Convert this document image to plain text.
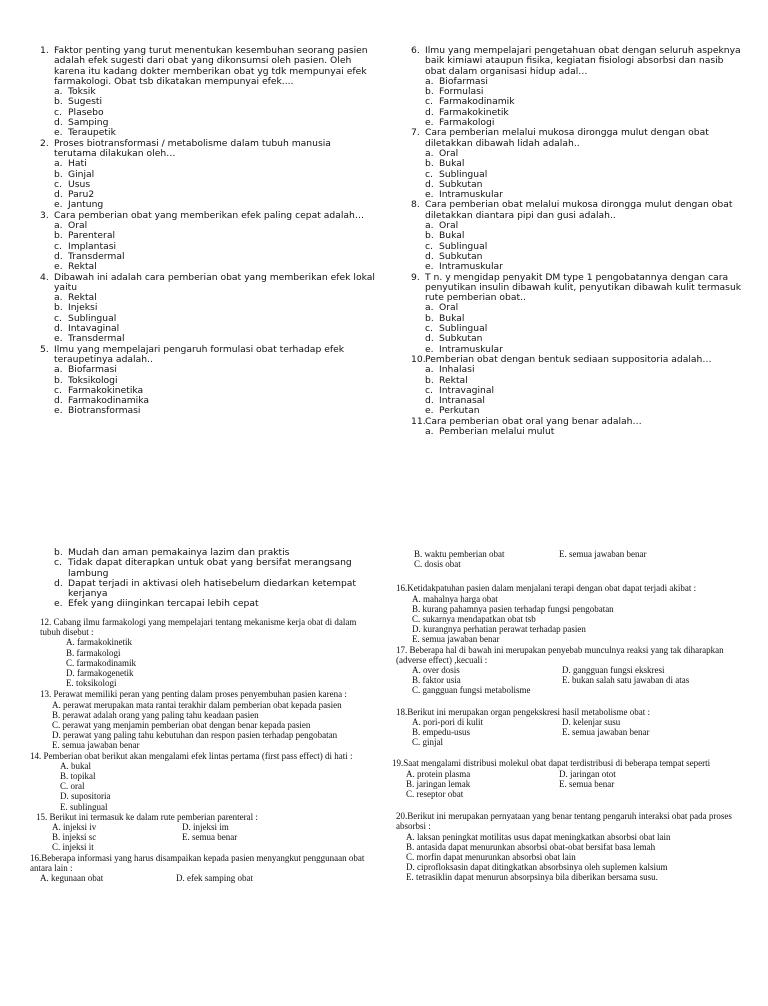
1. Faktor penting yang turut menentukan kesembuhan seorang pasien adalah efek sugesti dari obat yang dikonsumsi oleh pasien. Oleh karena itu kadang dokter memberikan obat yg tdk mempunyai efek farmakologi. Obat tsb dikatakan mempunyai efek....
a. Toksik
b. Sugesti
c. Plasebo
d. Samping
e. Teraupetik
2. Proses biotransformasi / metabolisme dalam tubuh manusia terutama dilakukan oleh…
a. Hati
b. Ginjal
c. Usus
d. Paru2
e. Jantung
3. Cara pemberian obat yang memberikan efek paling cepat adalah…
a. Oral
b. Parenteral
c. Implantasi
d. Transdermal
e. Rektal
4. Dibawah ini adalah cara pemberian obat yang memberikan efek lokal yaitu
a. Rektal
b. Injeksi
c. Sublingual
d. Intavaginal
e. Transdermal
5. Ilmu yang mempelajari pengaruh formulasi obat terhadap efek teraupetinya adalah..
a. Biofarmasi
b. Toksikologi
c. Farmakokinetika
d. Farmakodinamika
e. Biotransformasi
6. Ilmu yang mempelajari pengetahuan obat dengan seluruh aspeknya baik kimiawi ataupun fisika, kegiatan fisiologi absorbsi dan nasib obat dalam organisasi hidup adal…
a. Biofarmasi
b. Formulasi
c. Farmakodinamik
d. Farmakokinetik
e. Farmakologi
7. Cara pemberian melalui mukosa dirongga mulut dengan obat diletakkan dibawah lidah adalah..
a. Oral
b. Bukal
c. Sublingual
d. Subkutan
e. Intramuskular
8. Cara pemberian obat melalui mukosa dirongga mulut dengan obat diletakkan diantara pipi dan gusi adalah..
a. Oral
b. Bukal
c. Sublingual
d. Subkutan
e. Intramuskular
9. T n. y mengidap penyakit DM type 1 pengobatannya dengan cara penyutikan insulin dibawah kulit, penyutikan dibawah kulit termasuk rute pemberian obat..
a. Oral
b. Bukal
c. Sublingual
d. Subkutan
e. Intramuskular
10. Pemberian obat dengan bentuk sediaan suppositoria adalah…
a. Inhalasi
b. Rektal
c. Intravaginal
d. Intranasal
e. Perkutan
11. Cara pemberian obat oral yang benar adalah…
a. Pemberian melalui mulut
b. Mudah dan aman pemakainya lazim dan praktis
c. Tidak dapat diterapkan untuk obat yang bersifat merangsang lambung
d. Dapat terjadi in aktivasi oleh hatisebelum diedarkan ketempat kerjanya
e. Efek yang diinginkan tercapai lebih cepat
12. Cabang ilmu farmakologi yang mempelajari tentang mekanisme kerja obat di dalam tubuh disebut :
A. farmakokinetik
B. farmakologi
C. farmakodinamik
D. farmakogenetik
E. toksikologi
13. Perawat memiliki peran yang penting dalam proses penyembuhan pasien karena :
A. perawat merupakan mata rantai terakhir dalam pemberian obat kepada pasien
B. perawat adalah orang yang paling tahu keadaan pasien
C. perawat yang menjamin pemberian obat dengan benar kepada pasien
D. perawat yang paling tahu kebutuhan dan respon pasien terhadap pengobatan
E. semua jawaban benar
14. Pemberian obat berikut akan mengalami efek lintas pertama (first pass effect) di hati :
A. bukal
B. topikal
C. oral
D. supositoria
E. sublingual
15. Berikut ini termasuk ke dalam rute pemberian parenteral :
A. injeksi iv	D. injeksi im
B. injeksi sc	E. semua benar
C. injeksi it
16.Beberapa informasi yang harus disampaikan kepada pasien menyangkut penggunaan obat antara lain :
A. kegunaan obat	D. efek samping obat
B. waktu pemberian obat	E. semua jawaban benar
C. dosis obat
16.Ketidakpatuhan pasien dalam menjalani terapi dengan obat dapat terjadi akibat :
A. mahalnya harga obat
B. kurang pahamnya pasien terhadap fungsi pengobatan
C. sukarnya mendapatkan obat tsb
D. kurangnya perhatian perawat terhadap pasien
E. semua jawaban benar
17. Beberapa hal di bawah ini merupakan penyebab munculnya reaksi yang tak diharapkan (adverse effect) ,kecuali :
A. over dosis	D. gangguan fungsi ekskresi
B. faktor usia	E. bukan salah satu jawaban di atas
C. gangguan fungsi metabolisme
18.Berikut ini merupakan organ pengekskresi hasil metabolisme obat :
A. pori-pori di kulit	D. kelenjar susu
B. empedu-usus	E. semua jawaban benar
C. ginjal
19.Saat mengalami distribusi molekul obat dapat terdistribusi di beberapa tempat seperti
A. protein plasma	D. jaringan otot
B. jaringan lemak	E. semua benar
C. reseptor obat
20.Berikut ini merupakan pernyataan yang benar tentang pengaruh interaksi obat pada proses absorbsi :
A. laksan peningkat motilitas usus dapat meningkatkan absorbsi obat lain
B. antasida dapat menurunkan absorbsi obat-obat bersifat basa lemah
C. morfin dapat menurunkan absorbsi obat lain
D. ciprofloksasin dapat ditingkatkan absorbsinya oleh suplemen kalsium
E. tetrasiklin dapat menurun absorpsinya bila diberikan bersama susu.
